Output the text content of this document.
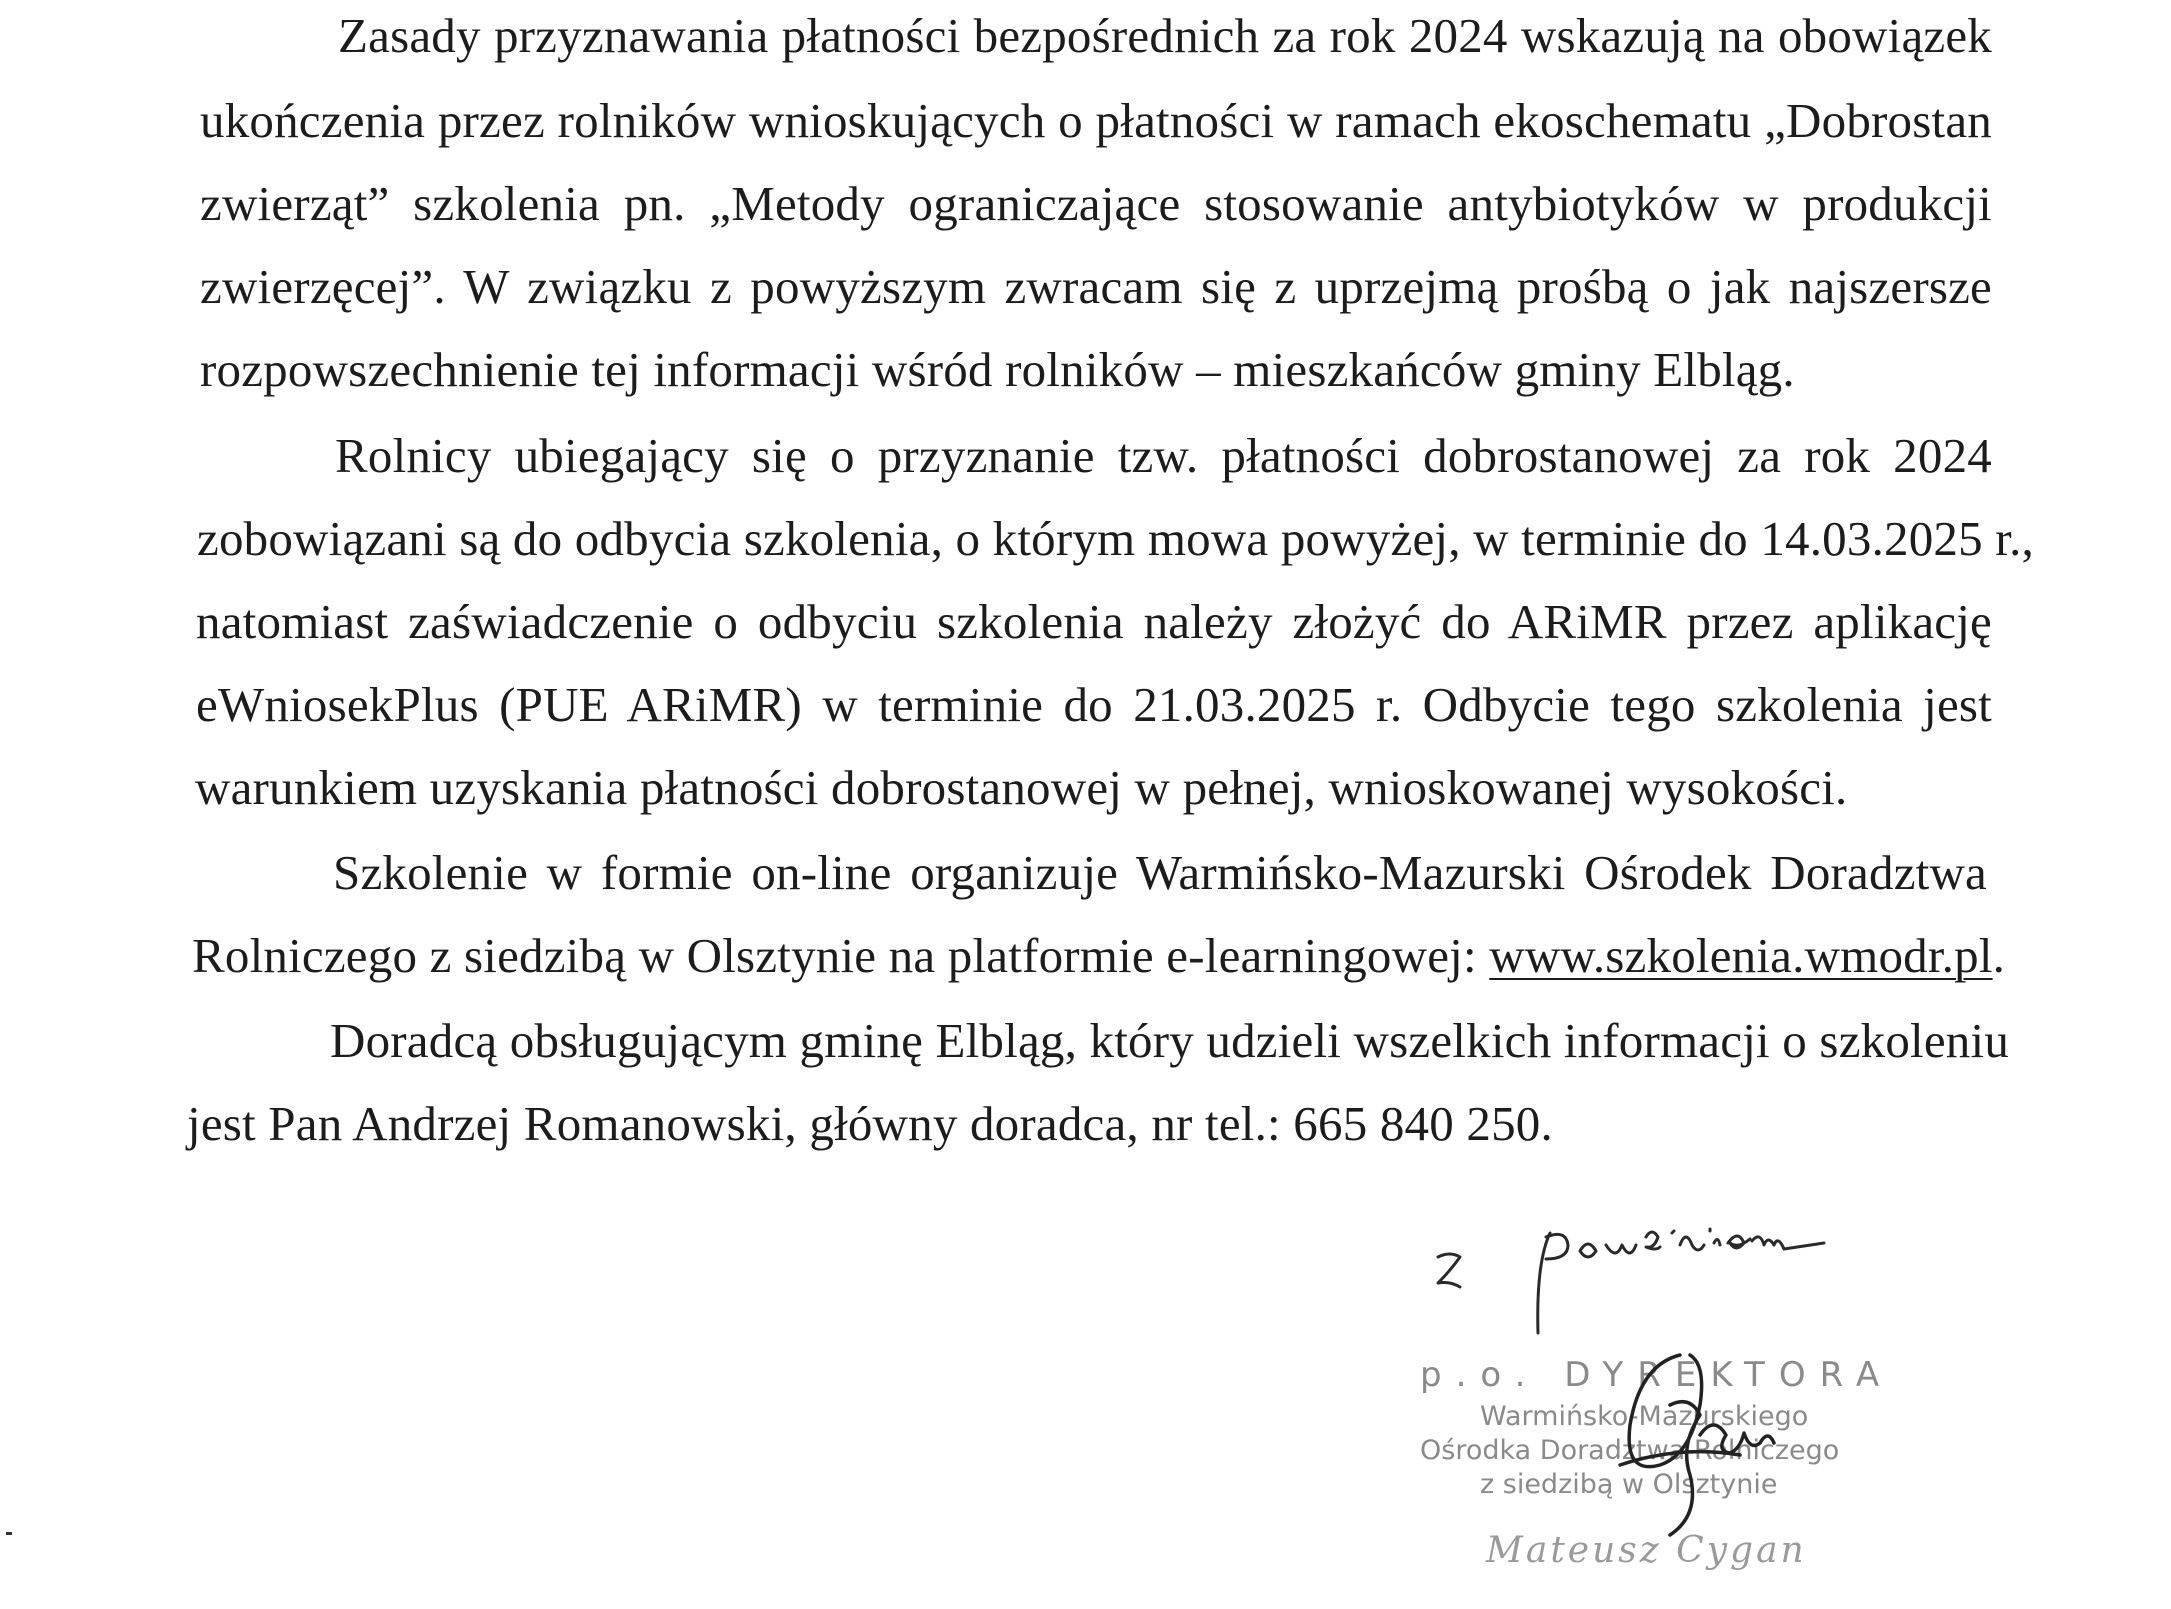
Zasady przyznawania płatności bezpośrednich za rok 2024 wskazują na obowiązek
ukończenia przez rolników wnioskujących o płatności w ramach ekoschematu „Dobrostan
zwierząt” szkolenia pn. „Metody ograniczające stosowanie antybiotyków w produkcji
zwierzęcej”. W związku z powyższym zwracam się z uprzejmą prośbą o jak najszersze
rozpowszechnienie tej informacji wśród rolników – mieszkańców gminy Elbląg.
Rolnicy ubiegający się o przyznanie tzw. płatności dobrostanowej za rok 2024
zobowiązani są do odbycia szkolenia, o którym mowa powyżej, w terminie do 14.03.2025 r.,
natomiast zaświadczenie o odbyciu szkolenia należy złożyć do ARiMR przez aplikację
eWniosekPlus (PUE ARiMR) w terminie do 21.03.2025 r. Odbycie tego szkolenia jest
warunkiem uzyskania płatności dobrostanowej w pełnej, wnioskowanej wysokości.
Szkolenie w formie on-line organizuje Warmińsko-Mazurski Ośrodek Doradztwa
Rolniczego z siedzibą w Olsztynie na platformie e-learningowej: www.szkolenia.wmodr.pl.
Doradcą obsługującym gminę Elbląg, który udzieli wszelkich informacji o szkoleniu
jest Pan Andrzej Romanowski, główny doradca, nr tel.: 665 840 250.
p.o. DYREKTORA
Warmińsko-Mazurskiego
Ośrodka Doradztwa Rolniczego
z siedzibą w Olsztynie
Mateusz Cygan
